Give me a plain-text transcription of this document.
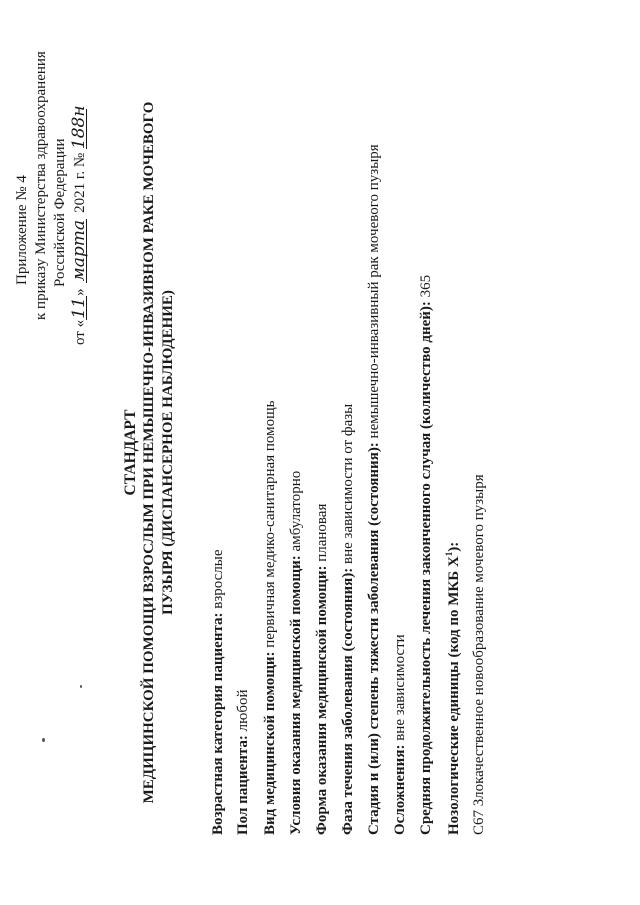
Приложение № 4 к приказу Министерства здравоохранения Российской Федерации
от «11» марта 2021 г. № 188н
СТАНДАРТ МЕДИЦИНСКОЙ ПОМОЩИ ВЗРОСЛЫМ ПРИ НЕМЫШЕЧНО-ИНВАЗИВНОМ РАКЕ МОЧЕВОГО ПУЗЫРЯ (ДИСПАНСЕРНОЕ НАБЛЮДЕНИЕ)
Возрастная категория пациента: взрослые
Пол пациента: любой Вид медицинской помощи: первичная медико-санитарная помощь
Условия оказания медицинской помощи: амбулаторно
Форма оказания медицинской помощи: плановая
Фаза течения заболевания (состояния): вне зависимости от фазы Стадия и (или) степень тяжести заболевания (состояния): немышечно-инвазивный рак мочевого пузыря
Осложнения: вне зависимости Средняя продолжительность лечения законченного случая (количество дней): 365
Нозологические единицы (код по МКБ $X^1$):
C67 Злокачественное новообразование мочевого пузыря
